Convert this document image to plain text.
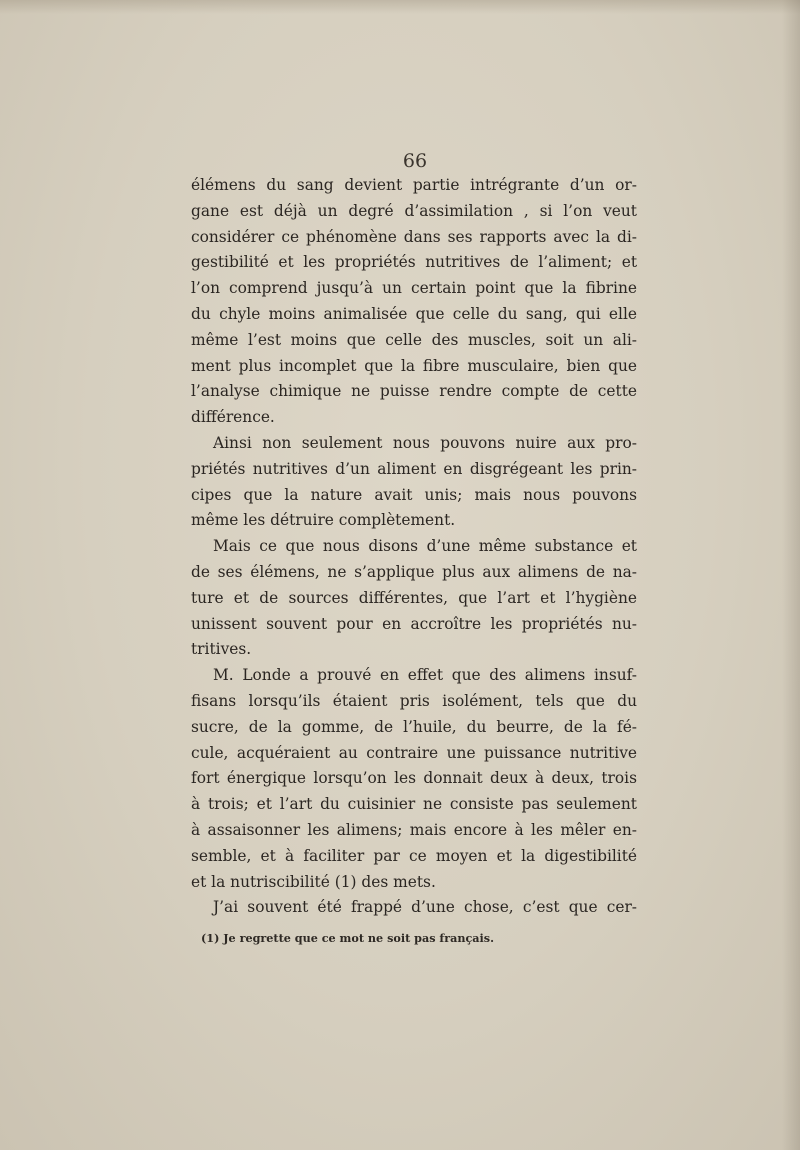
66
élémens du sang devient partie intrégrante d’un or-
gane est déjà un degré d’assimilation , si l’on veut
considérer ce phénomène dans ses rapports avec la di-
gestibilité et les propriétés nutritives de l’aliment; et
l’on comprend jusqu’à un certain point que la fibrine
du chyle moins animalisée que celle du sang, qui elle
même l’est moins que celle des muscles, soit un ali-
ment plus incomplet que la fibre musculaire, bien que
l’analyse chimique ne puisse rendre compte de cette
différence.
Ainsi non seulement nous pouvons nuire aux pro-
priétés nutritives d’un aliment en disgrégeant les prin-
cipes que la nature avait unis; mais nous pouvons
même les détruire complètement.
Mais ce que nous disons d’une même substance et
de ses élémens, ne s’applique plus aux alimens de na-
ture et de sources différentes, que l’art et l’hygiène
unissent souvent pour en accroître les propriétés nu-
tritives.
M. Londe a prouvé en effet que des alimens insuf-
fisans lorsqu’ils étaient pris isolément, tels que du
sucre, de la gomme, de l’huile, du beurre, de la fé-
cule, acquéraient au contraire une puissance nutritive
fort énergique lorsqu’on les donnait deux à deux, trois
à trois; et l’art du cuisinier ne consiste pas seulement
à assaisonner les alimens; mais encore à les mêler en-
semble, et à faciliter par ce moyen et la digestibilité
et la nutriscibilité (1) des mets.
J’ai souvent été frappé d’une chose, c’est que cer-
(1) Je regrette que ce mot ne soit pas français.
